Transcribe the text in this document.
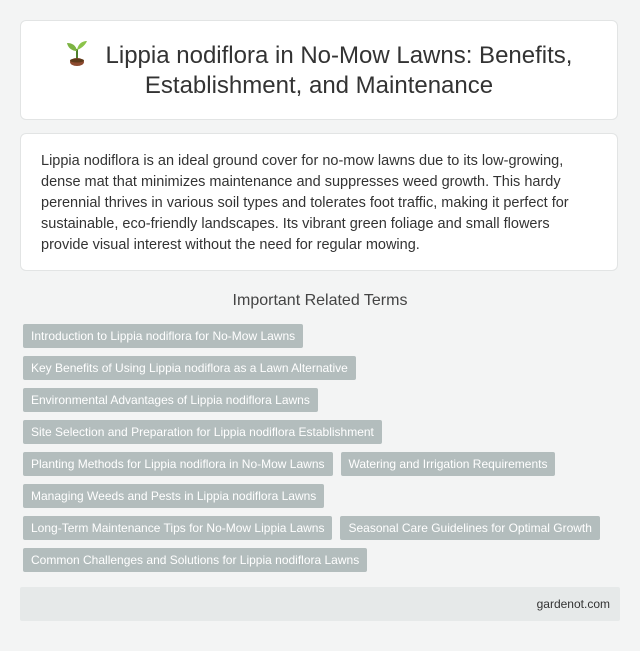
Lippia nodiflora in No-Mow Lawns: Benefits, Establishment, and Maintenance

Lippia nodiflora is an ideal ground cover for no-mow lawns due to its low-growing, dense mat that minimizes maintenance and suppresses weed growth. This hardy perennial thrives in various soil types and tolerates foot traffic, making it perfect for sustainable, eco-friendly landscapes. Its vibrant green foliage and small flowers provide visual interest without the need for regular mowing.

Important Related Terms
Introduction to Lippia nodiflora for No-Mow Lawns
Key Benefits of Using Lippia nodiflora as a Lawn Alternative
Environmental Advantages of Lippia nodiflora Lawns
Site Selection and Preparation for Lippia nodiflora Establishment
Planting Methods for Lippia nodiflora in No-Mow Lawns	Watering and Irrigation Requirements
Managing Weeds and Pests in Lippia nodiflora Lawns
Long-Term Maintenance Tips for No-Mow Lippia Lawns	Seasonal Care Guidelines for Optimal Growth
Common Challenges and Solutions for Lippia nodiflora Lawns
gardenot.com
